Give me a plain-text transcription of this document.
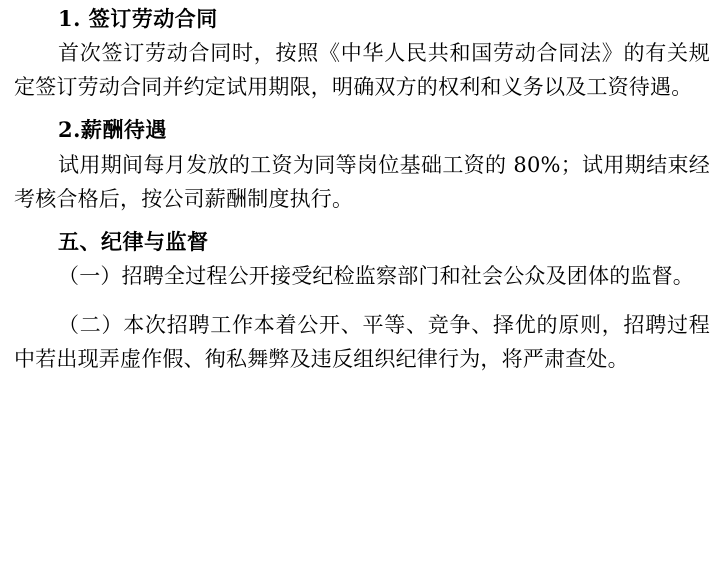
1. 签订劳动合同

首次签订劳动合同时，按照《中华人民共和国劳动合同法》的有关规定签订劳动合同并约定试用期限，明确双方的权利和义务以及工资待遇。

2.薪酬待遇

试用期间每月发放的工资为同等岗位基础工资的 80%；试用期结束经考核合格后，按公司薪酬制度执行。

五、纪律与监督

（一）招聘全过程公开接受纪检监察部门和社会公众及团体的监督。

（二）本次招聘工作本着公开、平等、竞争、择优的原则，招聘过程中若出现弄虚作假、徇私舞弊及违反组织纪律行为，将严肃查处。
